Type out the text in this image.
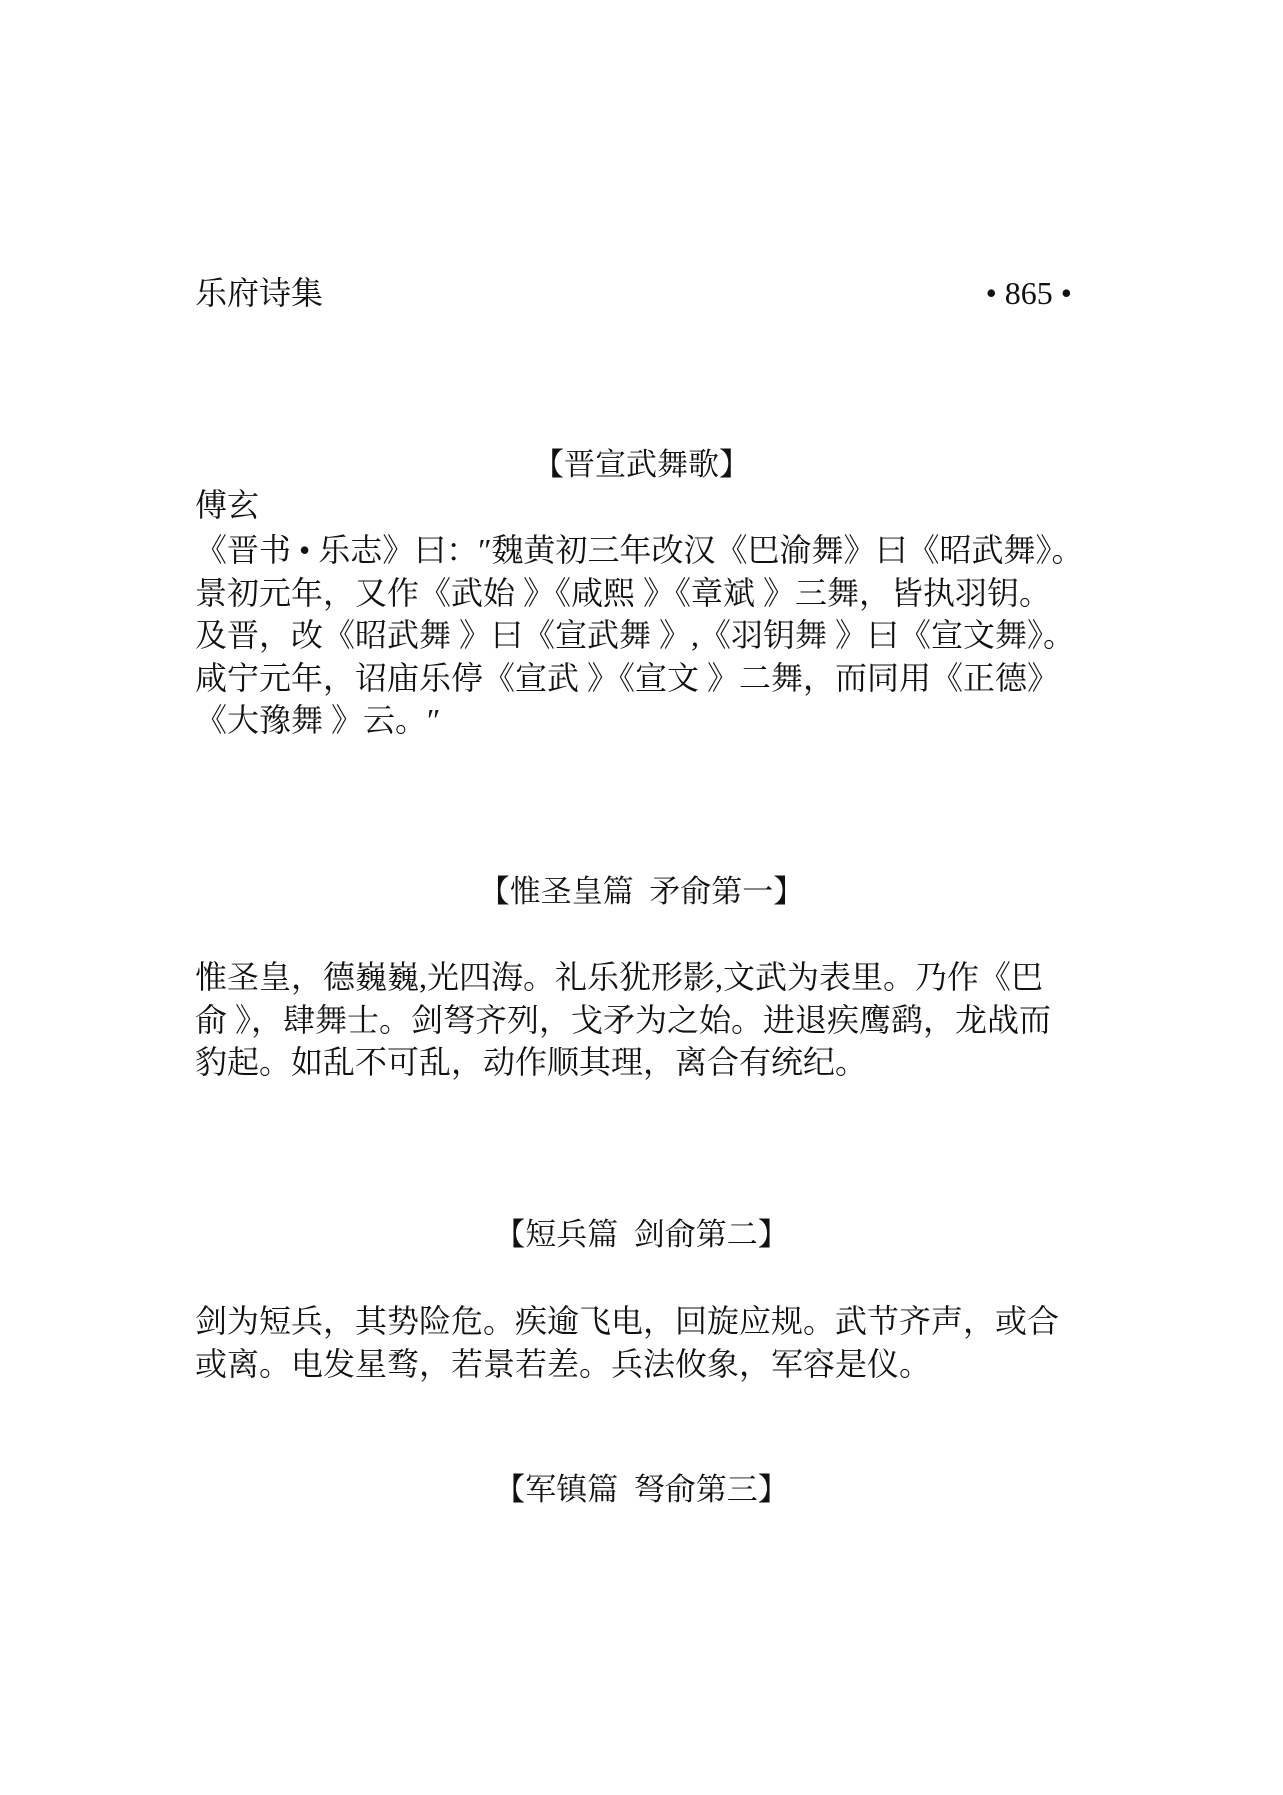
乐府诗集	• 865 •
【晋宣武舞歌】
傅玄
《晋书 • 乐志》曰：″魏黄初三年改汉《巴渝舞》曰《昭武舞》。
景初元年，又作《武始 》《咸熙 》《章斌 》三舞，皆执羽钥。
及晋，改《昭武舞 》曰《宣武舞 》,《羽钥舞 》曰《宣文舞》。
咸宁元年，诏庙乐停《宣武 》《宣文 》二舞，而同用《正德》
《大豫舞 》云。″
【惟圣皇篇  矛俞第一】
惟圣皇，德巍巍,光四海。礼乐犹形影,文武为表里。乃作《巴
俞 》，肆舞士。剑弩齐列，戈矛为之始。进退疾鹰鹞，龙战而
豹起。如乱不可乱，动作顺其理，离合有统纪。
【短兵篇  剑俞第二】
剑为短兵，其势险危。疾逾飞电，回旋应规。武节齐声，或合
或离。电发星骛，若景若差。兵法攸象，军容是仪。
【军镇篇  弩俞第三】
